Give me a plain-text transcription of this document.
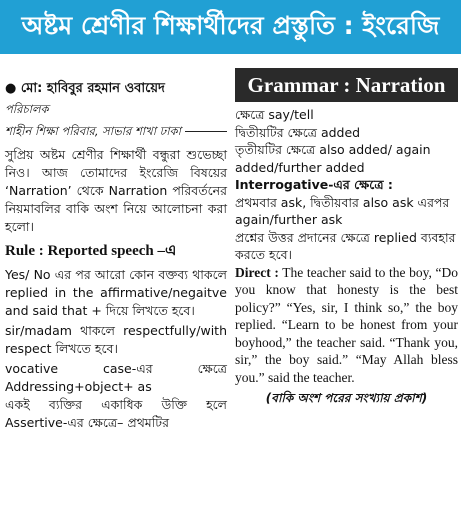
অষ্টম শ্রেণীর শিক্ষার্থীদের প্রস্তুতি : ইংরেজি
● মো: হাবিবুর রহমান ওবায়েদ
পরিচালক
শাহীন শিক্ষা পরিবার, সাভার শাখা ঢাকা
সুপ্রিয় অষ্টম শ্রেণীর শিক্ষার্থী বন্ধুরা শুভেচ্ছা নিও। আজ তোমাদের ইংরেজি বিষয়ের ‘Narration’ থেকে Narration পরিবর্তনের নিয়মাবলির বাকি অংশ নিয়ে আলোচনা করা হলো।
Rule : Reported speech –এ
Yes/ No এর পর আরো কোন বক্তব্য থাকলে replied in the affirmative/negaitve and said that + দিয়ে লিখতে হবে।
sir/madam থাকলে respectfully/with respect লিখতে হবে।
vocative case-এর ক্ষেত্রে Addressing+object+ as
একই ব্যক্তির একাধিক উক্তি হলে Assertive-এর ক্ষেত্রে– প্রথমটির
Grammar : Narration
ক্ষেত্রে say/tell
দ্বিতীয়টির ক্ষেত্রে added
তৃতীয়টির ক্ষেত্রে also added/ again added/further added
Interrogative-এর ক্ষেত্রে :
প্রথমবার ask, দ্বিতীয়বার also ask এরপর again/further ask
প্রশ্নের উত্তর প্রদানের ক্ষেত্রে replied ব্যবহার করতে হবে।
Direct : The teacher said to the boy, “Do you know that honesty is the best policy?” “Yes, sir, I think so,” the boy replied. “Learn to be honest from your boyhood,” the teacher said. “Thank you, sir,” the boy said.” “May Allah bless you.” said the teacher.
(বাকি অংশ পরের সংখ্যায় প্রকাশ)
